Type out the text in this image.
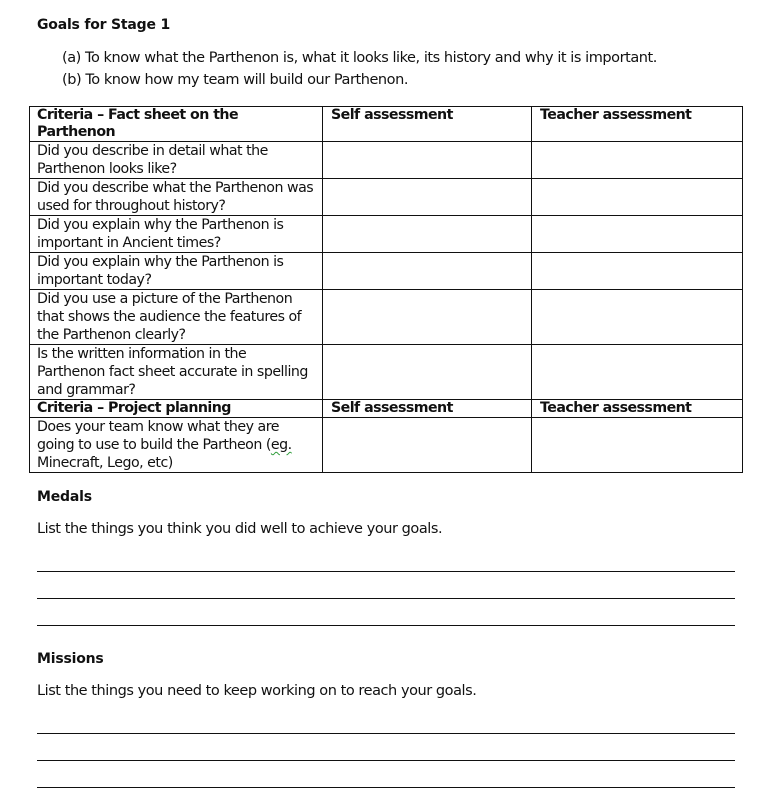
Goals for Stage 1
(a) To know what the Parthenon is, what it looks like, its history and why it is important.
(b) To know how my team will build our Parthenon.
Criteria – Fact sheet on the Parthenon	Self assessment	Teacher assessment
Did you describe in detail what the Parthenon looks like?		
Did you describe what the Parthenon was used for throughout history?		
Did you explain why the Parthenon is important in Ancient times?		
Did you explain why the Parthenon is important today?		
Did you use a picture of the Parthenon that shows the audience the features of the Parthenon clearly?		
Is the written information in the Parthenon fact sheet accurate in spelling and grammar?		
Criteria – Project planning	Self assessment	Teacher assessment
Does your team know what they are going to use to build the Partheon (eg. Minecraft, Lego, etc)		
Medals
List the things you think you did well to achieve your goals.
Missions
List the things you need to keep working on to reach your goals.
